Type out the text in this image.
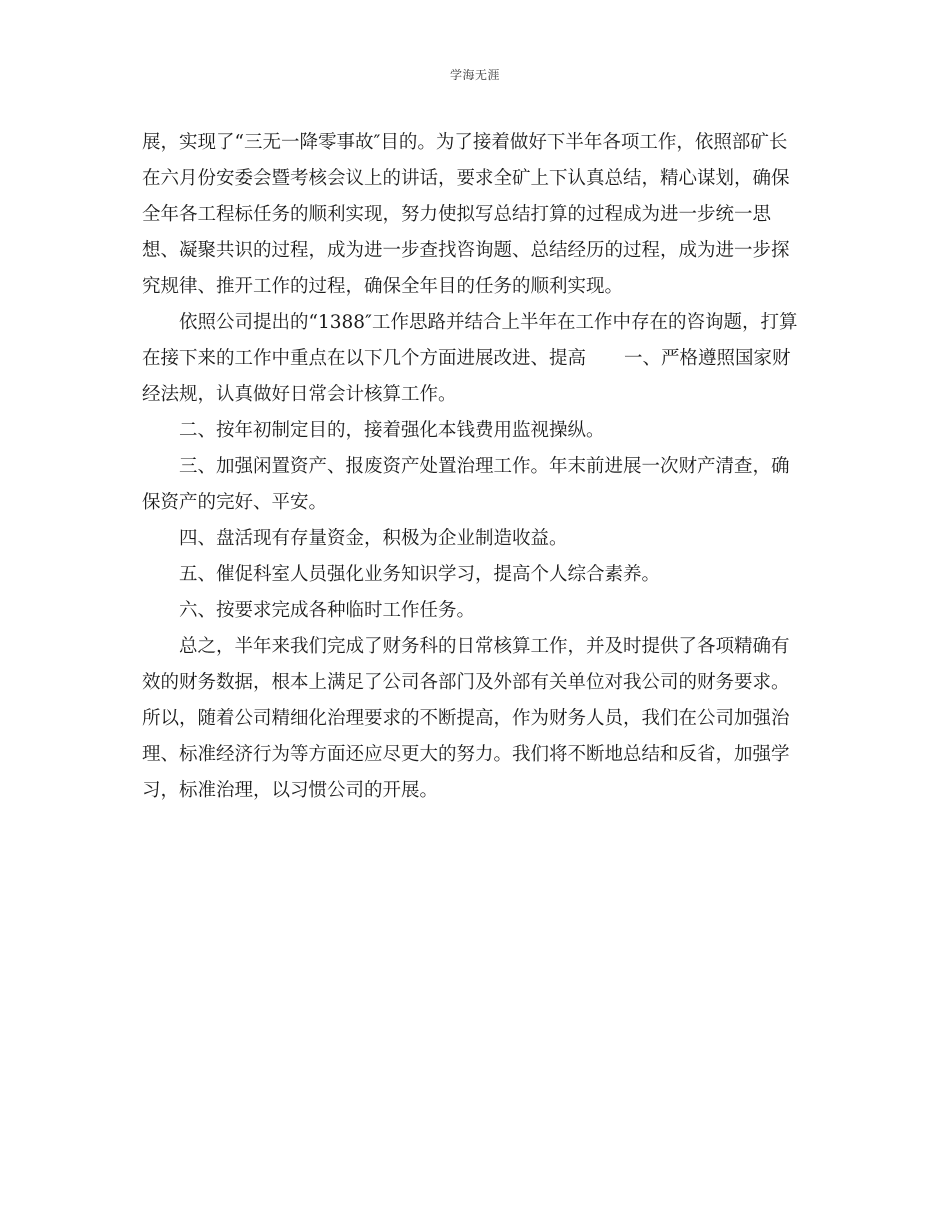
学海无涯
展，实现了“三无一降零事故″目的。为了接着做好下半年各项工作，依照部矿长
在六月份安委会暨考核会议上的讲话，要求全矿上下认真总结，精心谋划，确保
全年各工程标任务的顺利实现，努力使拟写总结打算的过程成为进一步统一思
想、凝聚共识的过程，成为进一步查找咨询题、总结经历的过程，成为进一步探
究规律、推开工作的过程，确保全年目的任务的顺利实现。
依照公司提出的“1388″工作思路并结合上半年在工作中存在的咨询题，打算
在接下来的工作中重点在以下几个方面进展改进、提高 一、严格遵照国家财
经法规，认真做好日常会计核算工作。
二、按年初制定目的，接着强化本钱费用监视操纵。
三、加强闲置资产、报废资产处置治理工作。年末前进展一次财产清查，确
保资产的完好、平安。
四、盘活现有存量资金，积极为企业制造收益。
五、催促科室人员强化业务知识学习，提高个人综合素养。
六、按要求完成各种临时工作任务。
总之，半年来我们完成了财务科的日常核算工作，并及时提供了各项精确有
效的财务数据，根本上满足了公司各部门及外部有关单位对我公司的财务要求。
所以，随着公司精细化治理要求的不断提高，作为财务人员，我们在公司加强治
理、标准经济行为等方面还应尽更大的努力。我们将不断地总结和反省，加强学
习，标准治理，以习惯公司的开展。
